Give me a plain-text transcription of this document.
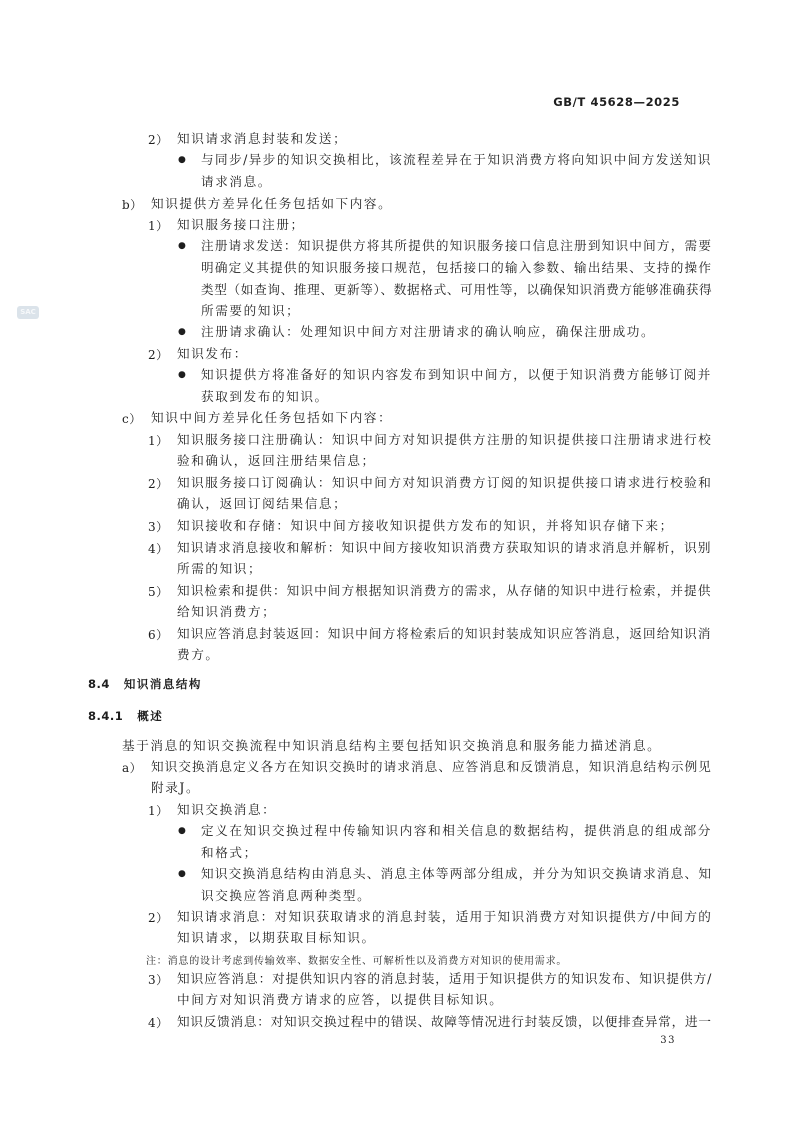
GB/T 45628—2025
SAC
2） 知识请求消息封装和发送；
● 与同步/异步的知识交换相比，该流程差异在于知识消费方将向知识中间方发送知识
请求消息。
b） 知识提供方差异化任务包括如下内容。
1） 知识服务接口注册；
● 注册请求发送：知识提供方将其所提供的知识服务接口信息注册到知识中间方，需要
明确定义其提供的知识服务接口规范，包括接口的输入参数、输出结果、支持的操作
类型（如查询、推理、更新等）、数据格式、可用性等，以确保知识消费方能够准确获得
所需要的知识；
● 注册请求确认：处理知识中间方对注册请求的确认响应，确保注册成功。
2） 知识发布：
● 知识提供方将准备好的知识内容发布到知识中间方，以便于知识消费方能够订阅并
获取到发布的知识。
c） 知识中间方差异化任务包括如下内容：
1） 知识服务接口注册确认：知识中间方对知识提供方注册的知识提供接口注册请求进行校
验和确认，返回注册结果信息；
2） 知识服务接口订阅确认：知识中间方对知识消费方订阅的知识提供接口请求进行校验和
确认，返回订阅结果信息；
3） 知识接收和存储：知识中间方接收知识提供方发布的知识，并将知识存储下来；
4） 知识请求消息接收和解析：知识中间方接收知识消费方获取知识的请求消息并解析，识别
所需的知识；
5） 知识检索和提供：知识中间方根据知识消费方的需求，从存储的知识中进行检索，并提供
给知识消费方；
6） 知识应答消息封装返回：知识中间方将检索后的知识封装成知识应答消息，返回给知识消
费方。
8.4 知识消息结构
8.4.1 概述
基于消息的知识交换流程中知识消息结构主要包括知识交换消息和服务能力描述消息。
a） 知识交换消息定义各方在知识交换时的请求消息、应答消息和反馈消息，知识消息结构示例见
附录J。
1） 知识交换消息：
● 定义在知识交换过程中传输知识内容和相关信息的数据结构，提供消息的组成部分
和格式；
● 知识交换消息结构由消息头、消息主体等两部分组成，并分为知识交换请求消息、知
识交换应答消息两种类型。
2） 知识请求消息：对知识获取请求的消息封装，适用于知识消费方对知识提供方/中间方的
知识请求，以期获取目标知识。
注：消息的设计考虑到传输效率、数据安全性、可解析性以及消费方对知识的使用需求。
3） 知识应答消息：对提供知识内容的消息封装，适用于知识提供方的知识发布、知识提供方/
中间方对知识消费方请求的应答，以提供目标知识。
4） 知识反馈消息：对知识交换过程中的错误、故障等情况进行封装反馈，以便排查异常，进一
33
